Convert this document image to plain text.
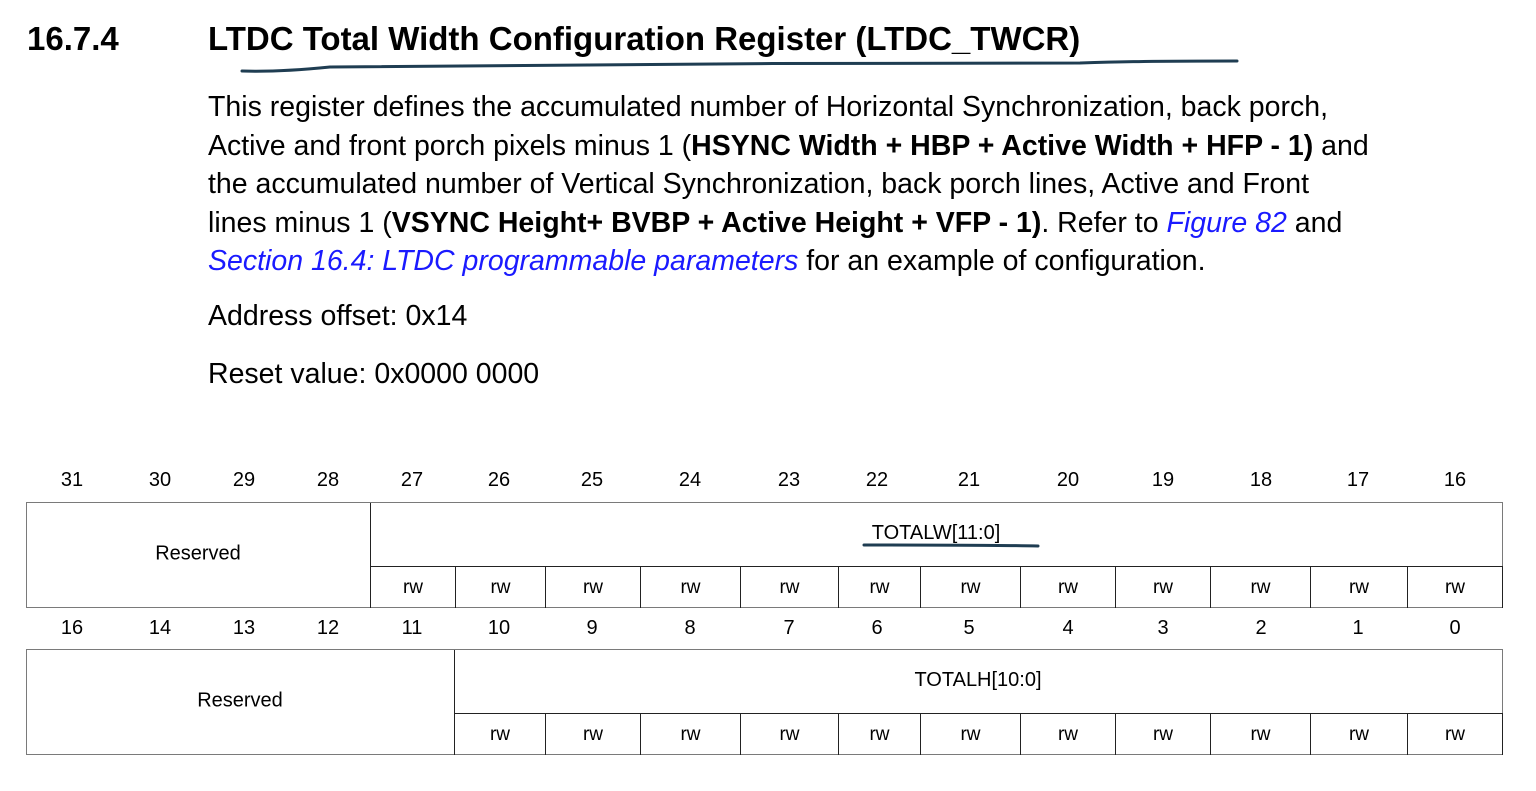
16.7.4	LTDC Total Width Configuration Register (LTDC_TWCR)
This register defines the accumulated number of Horizontal Synchronization, back porch,
Active and front porch pixels minus 1 (HSYNC Width + HBP + Active Width + HFP - 1) and
the accumulated number of Vertical Synchronization, back porch lines, Active and Front
lines minus 1 (VSYNC Height+ BVBP + Active Height + VFP - 1). Refer to Figure 82 and
Section 16.4: LTDC programmable parameters for an example of configuration.
Address offset: 0x14
Reset value: 0x0000 0000
31	30	29	28	27	26	25	24	23	22	21	20	19	18	17	16
Reserved
TOTALW[11:0]
rw	rw	rw	rw	rw	rw	rw	rw	rw	rw	rw	rw
16	14	13	12	11	10	9	8	7	6	5	4	3	2	1	0
Reserved
TOTALH[10:0]
rw	rw	rw	rw	rw	rw	rw	rw	rw	rw	rw
